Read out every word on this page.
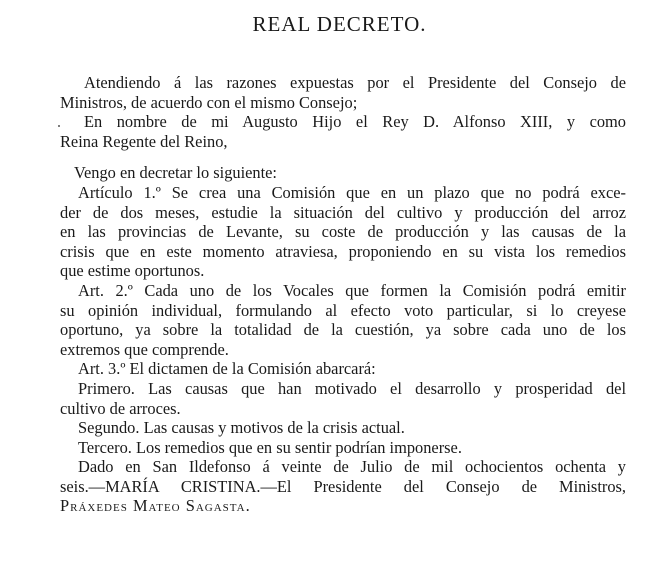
REAL DECRETO.
Atendiendo á las razones expuestas por el Presidente del Consejo de
Ministros, de acuerdo con el mismo Consejo;
En nombre de mi Augusto Hijo el Rey D. Alfonso XIII, y como
Reina Regente del Reino,
Vengo en decretar lo siguiente:
Artículo 1.º Se crea una Comisión que en un plazo que no podrá exce-
der de dos meses, estudie la situación del cultivo y producción del arroz
en las provincias de Levante, su coste de producción y las causas de la
crisis que en este momento atraviesa, proponiendo en su vista los remedios
que estime oportunos.
Art. 2.º Cada uno de los Vocales que formen la Comisión podrá emitir
su opinión individual, formulando al efecto voto particular, si lo creyese
oportuno, ya sobre la totalidad de la cuestión, ya sobre cada uno de los
extremos que comprende.
Art. 3.º El dictamen de la Comisión abarcará:
Primero. Las causas que han motivado el desarrollo y prosperidad del
cultivo de arroces.
Segundo. Las causas y motivos de la crisis actual.
Tercero. Los remedios que en su sentir podrían imponerse.
Dado en San Ildefonso á veinte de Julio de mil ochocientos ochenta y
seis.—MARÍA CRISTINA.—El Presidente del Consejo de Ministros,
Práxedes Mateo Sagasta.
